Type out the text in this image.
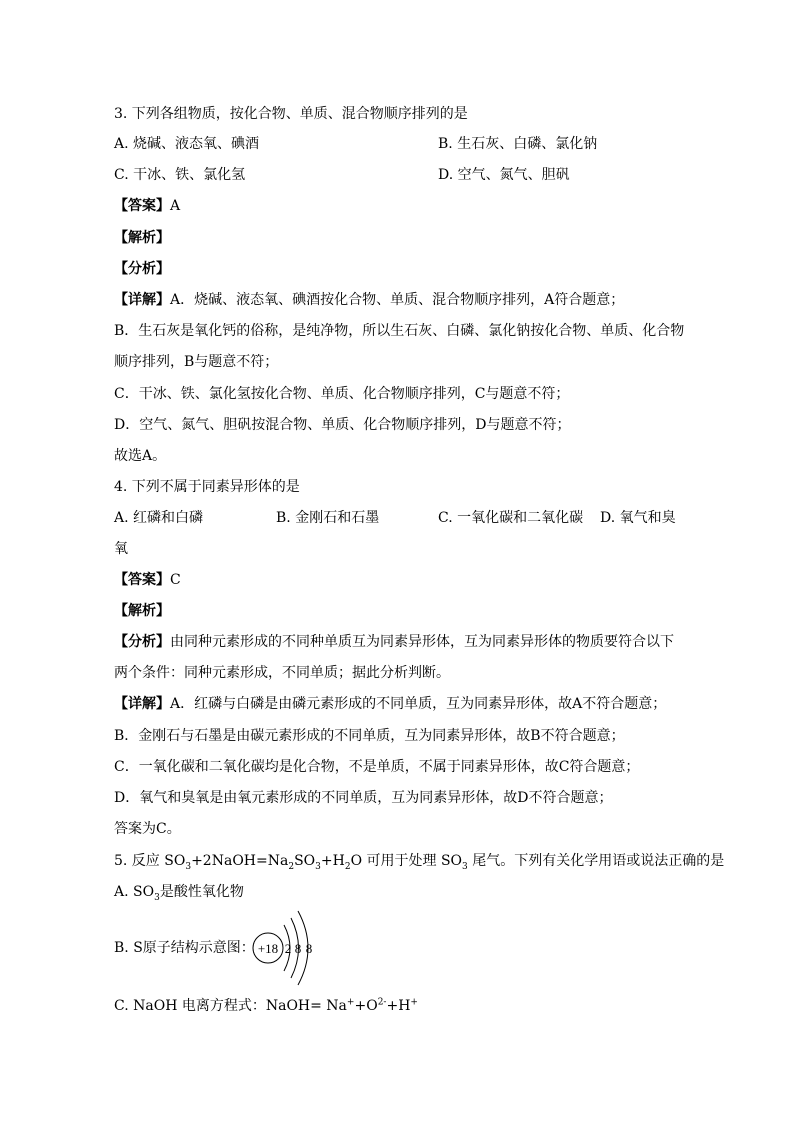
3. 下列各组物质，按化合物、单质、混合物顺序排列的是
A. 烧碱、液态氧、碘酒	B. 生石灰、白磷、氯化钠
C. 干冰、铁、氯化氢	D. 空气、氮气、胆矾
【答案】A
【解析】
【分析】
【详解】A．烧碱、液态氧、碘酒按化合物、单质、混合物顺序排列，A符合题意；
B．生石灰是氧化钙的俗称，是纯净物，所以生石灰、白磷、氯化钠按化合物、单质、化合物
顺序排列，B与题意不符；
C．干冰、铁、氯化氢按化合物、单质、化合物顺序排列，C与题意不符；
D．空气、氮气、胆矾按混合物、单质、化合物顺序排列，D与题意不符；
故选A。
4. 下列不属于同素异形体的是
A. 红磷和白磷	B. 金刚石和石墨	C. 一氧化碳和二氧化碳 D. 氧气和臭
氧
【答案】C
【解析】
【分析】由同种元素形成的不同种单质互为同素异形体，互为同素异形体的物质要符合以下
两个条件：同种元素形成，不同单质；据此分析判断。
【详解】A．红磷与白磷是由磷元素形成的不同单质，互为同素异形体，故A不符合题意；
B．金刚石与石墨是由碳元素形成的不同单质，互为同素异形体，故B不符合题意；
C．一氧化碳和二氧化碳均是化合物，不是单质，不属于同素异形体，故C符合题意；
D．氧气和臭氧是由氧元素形成的不同单质，互为同素异形体，故D不符合题意；
答案为C。
5. 反应 $SO_3+2NaOH=Na_2SO_3+H_2O$ 可用于处理 $SO_3$ 尾气。下列有关化学用语或说法正确的是
A. $SO_3$是酸性氧化物
B. S原子结构示意图： +18 2 8 8
C. NaOH 电离方程式：NaOH= $Na^++O^{2-}+H^+$
